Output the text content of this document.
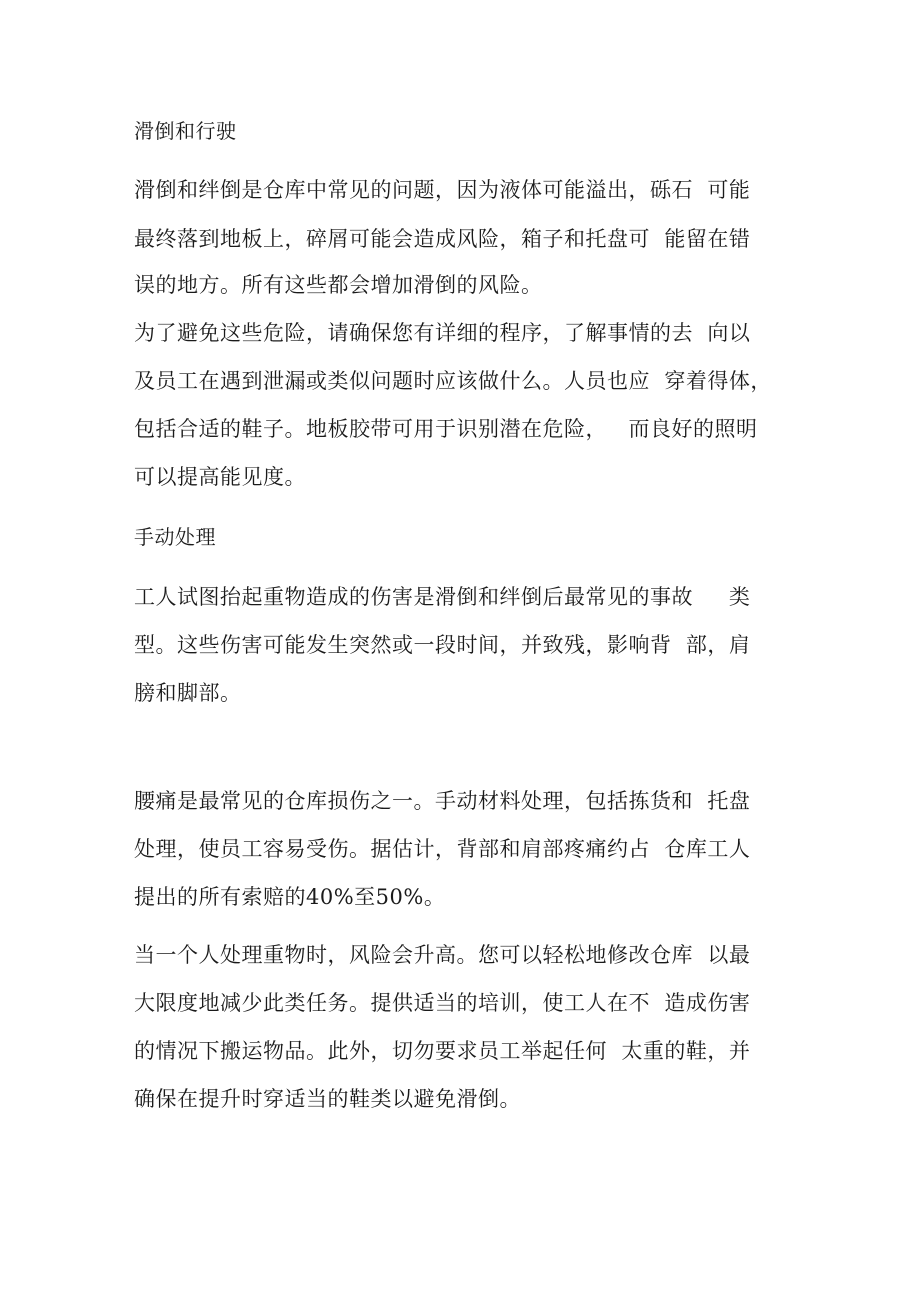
滑倒和行驶
滑倒和绊倒是仓库中常见的问题，因为液体可能溢出，砾石  可能
最终落到地板上，碎屑可能会造成风险，箱子和托盘可  能留在错
误的地方。所有这些都会增加滑倒的风险。
为了避免这些危险，请确保您有详细的程序，了解事情的去  向以
及员工在遇到泄漏或类似问题时应该做什么。人员也应  穿着得体，
包括合适的鞋子。地板胶带可用于识别潜在危险，   而良好的照明
可以提高能见度。
手动处理
工人试图抬起重物造成的伤害是滑倒和绊倒后最常见的事故     类
型。这些伤害可能发生突然或一段时间，并致残，影响背  部，肩
膀和脚部。
腰痛是最常见的仓库损伤之一。手动材料处理，包括拣货和  托盘
处理，使员工容易受伤。据估计，背部和肩部疼痛约占  仓库工人
提出的所有索赔的40%至50%。
当一个人处理重物时，风险会升高。您可以轻松地修改仓库  以最
大限度地减少此类任务。提供适当的培训，使工人在不  造成伤害
的情况下搬运物品。此外，切勿要求员工举起任何  太重的鞋，并
确保在提升时穿适当的鞋类以避免滑倒。
